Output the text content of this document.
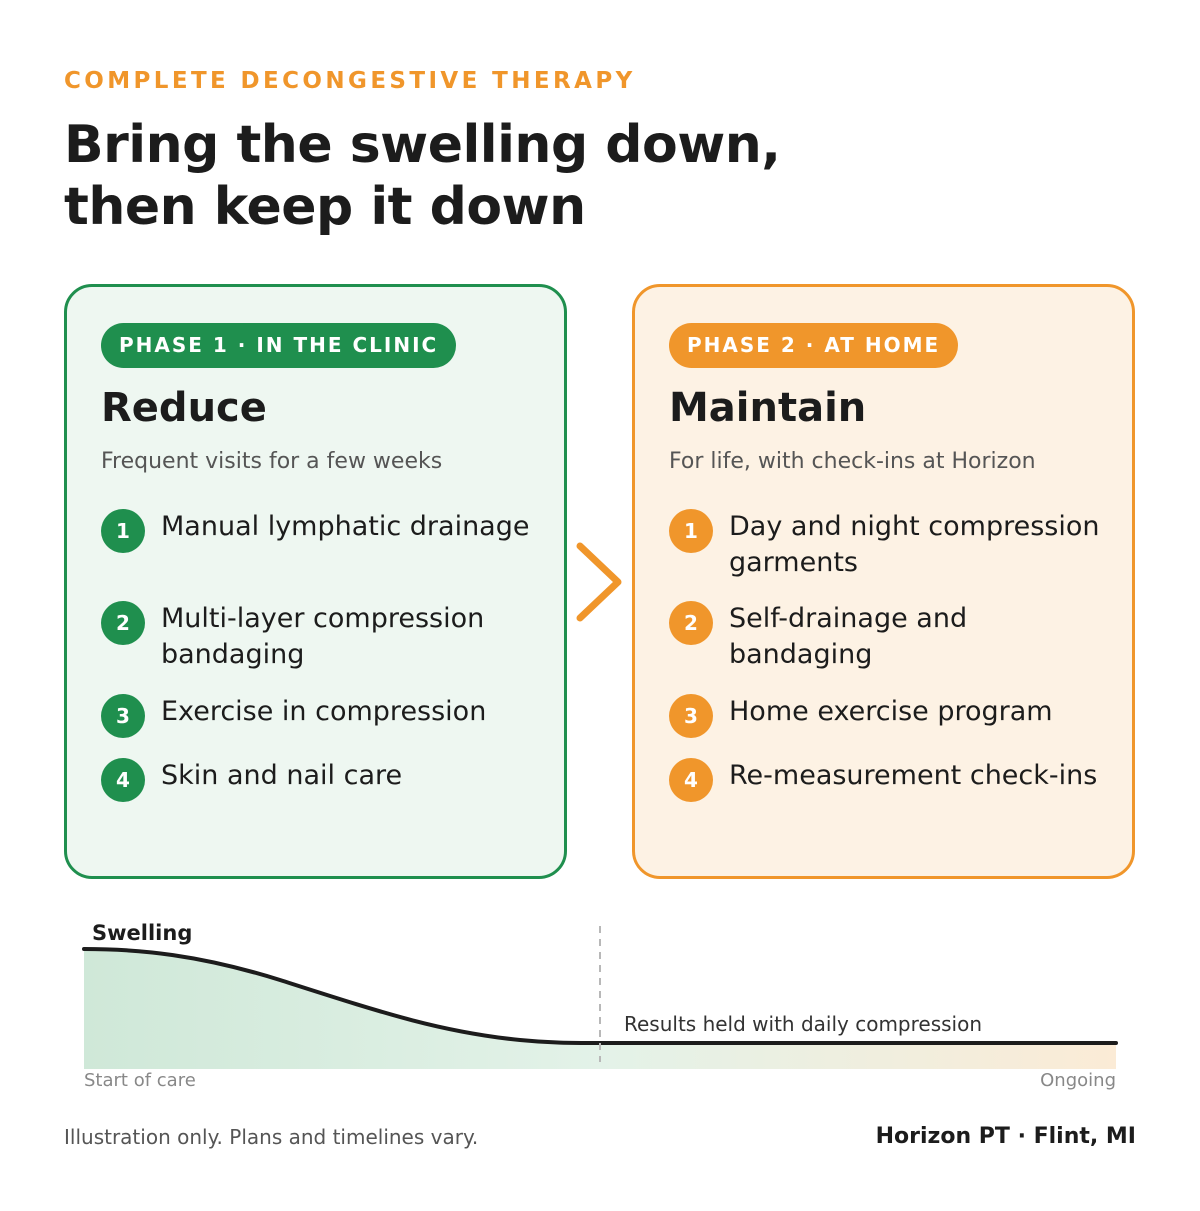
COMPLETE DECONGESTIVE THERAPY
Bring the swelling down,
then keep it down
PHASE 1 · IN THE CLINIC
Reduce
Frequent visits for a few weeks
1	Manual lymphatic drainage
2	Multi-layer compression bandaging
3	Exercise in compression
4	Skin and nail care
PHASE 2 · AT HOME
Maintain
For life, with check-ins at Horizon
1	Day and night compression garments
2	Self-drainage and bandaging
3	Home exercise program
4	Re-measurement check-ins
Swelling
Results held with daily compression
Start of care	Ongoing
Illustration only. Plans and timelines vary.	Horizon PT · Flint, MI
